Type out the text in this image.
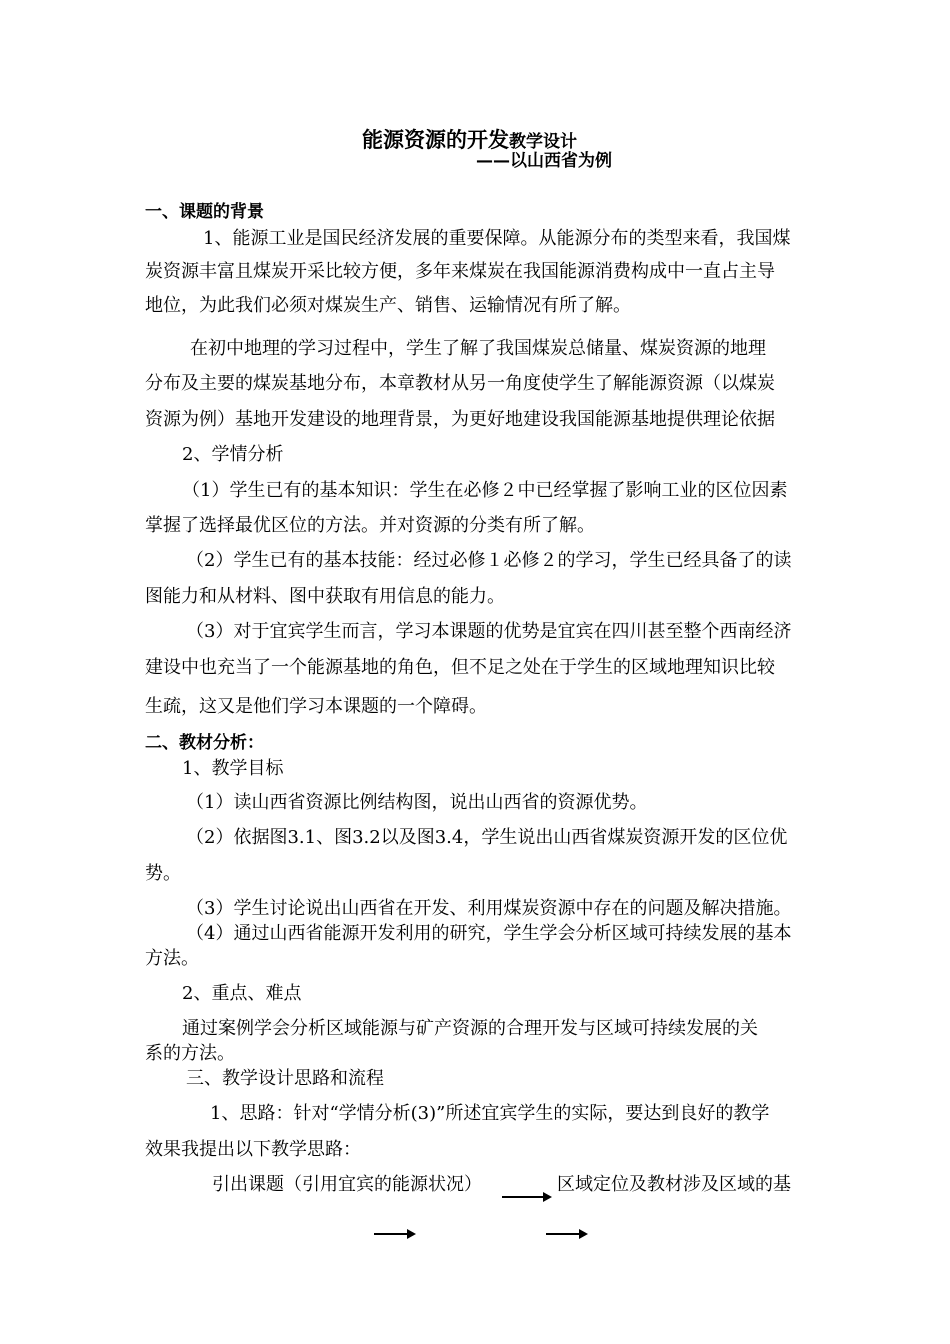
能源资源的开发教学设计
——以山西省为例
一、课题的背景
1、能源工业是国民经济发展的重要保障。从能源分布的类型来看，我国煤
炭资源丰富且煤炭开采比较方便，多年来煤炭在我国能源消费构成中一直占主导
地位，为此我们必须对煤炭生产、销售、运输情况有所了解。
在初中地理的学习过程中，学生了解了我国煤炭总储量、煤炭资源的地理
分布及主要的煤炭基地分布，本章教材从另一角度使学生了解能源资源（以煤炭
资源为例）基地开发建设的地理背景，为更好地建设我国能源基地提供理论依据
2、学情分析
（1）学生已有的基本知识：学生在必修２中已经掌握了影响工业的区位因素
掌握了选择最优区位的方法。并对资源的分类有所了解。
（2）学生已有的基本技能：经过必修１必修２的学习，学生已经具备了的读
图能力和从材料、图中获取有用信息的能力。
（3）对于宜宾学生而言，学习本课题的优势是宜宾在四川甚至整个西南经济
建设中也充当了一个能源基地的角色，但不足之处在于学生的区域地理知识比较
生疏，这又是他们学习本课题的一个障碍。
二、教材分析：
1、教学目标
（1）读山西省资源比例结构图，说出山西省的资源优势。
（2）依据图3.1、图3.2以及图3.4，学生说出山西省煤炭资源开发的区位优
势。
（3）学生讨论说出山西省在开发、利用煤炭资源中存在的问题及解决措施。
（4）通过山西省能源开发利用的研究，学生学会分析区域可持续发展的基本
方法。
2、重点、难点
通过案例学会分析区域能源与矿产资源的合理开发与区域可持续发展的关
系的方法。
三、教学设计思路和流程
1、思路：针对“学情分析(3)”所述宜宾学生的实际，要达到良好的教学
效果我提出以下教学思路：
引出课题（引用宜宾的能源状况）	区域定位及教材涉及区域的基
